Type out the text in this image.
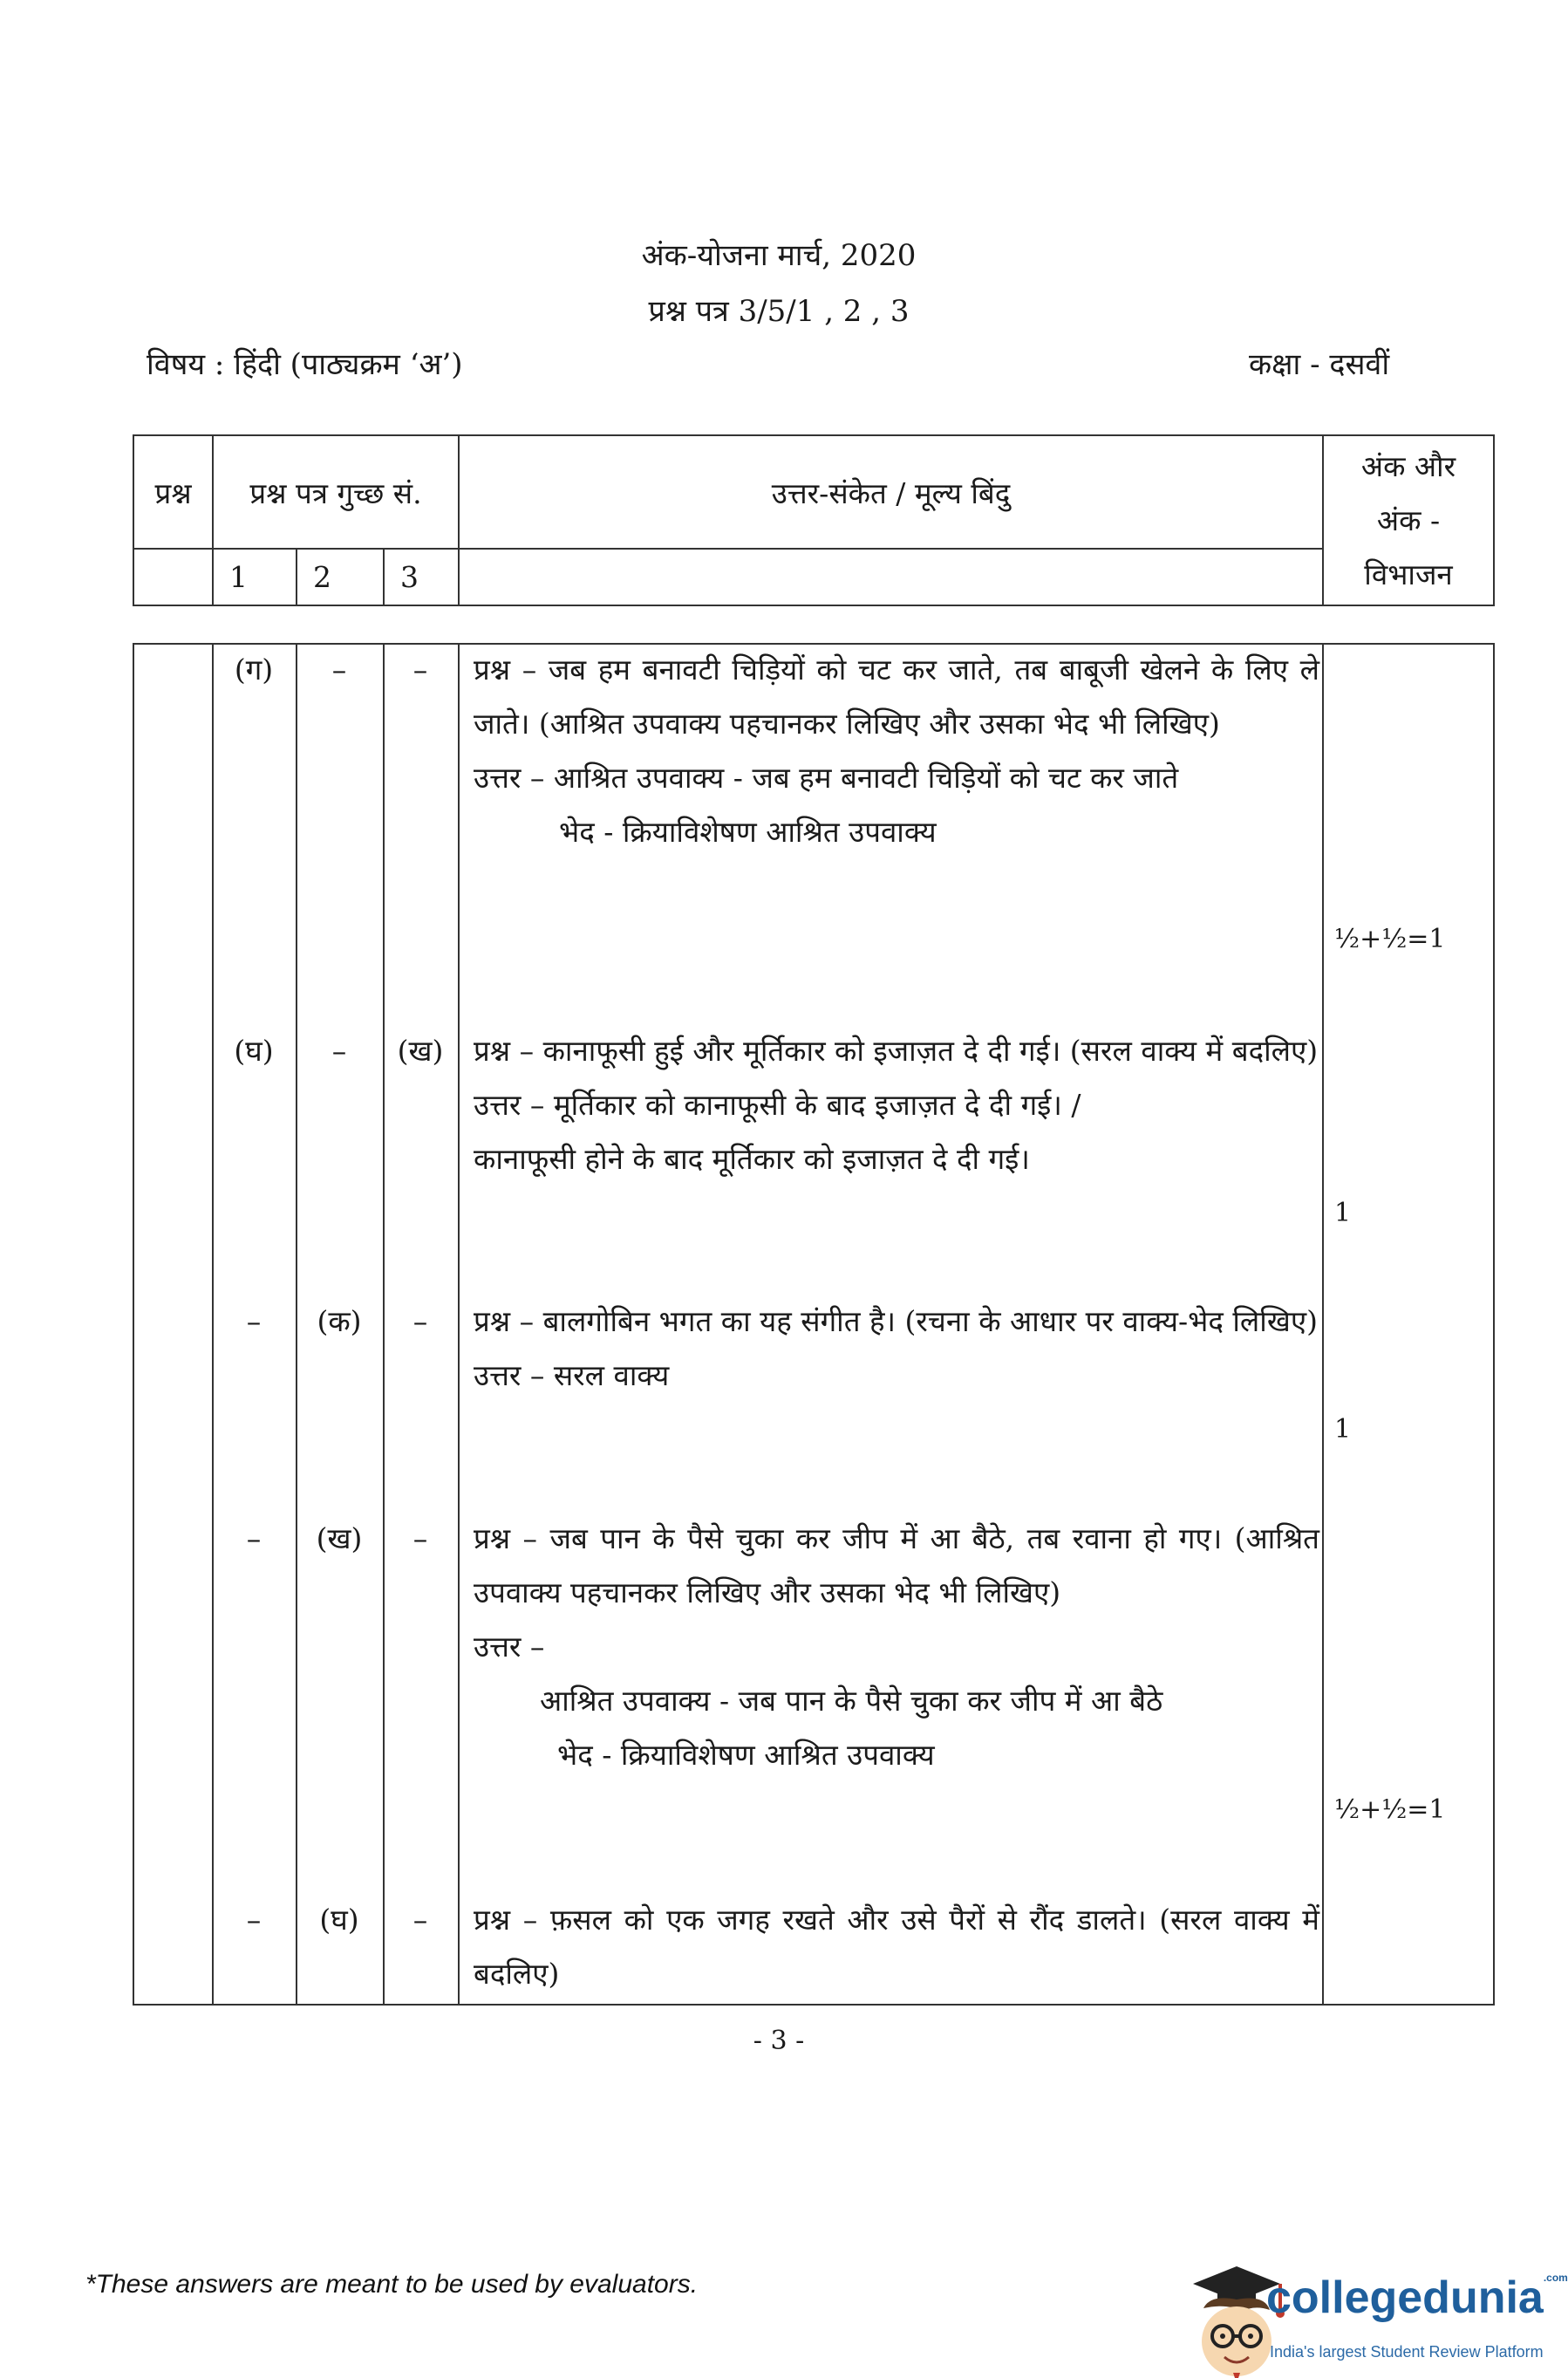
अंक-योजना मार्च, 2020
प्रश्न पत्र 3/5/1 , 2 , 3
विषय : हिंदी (पाठ्यक्रम ‘अ’)	कक्षा - दसवीं
प्रश्न	प्रश्न पत्र गुच्छ सं.			उत्तर-संकेत / मूल्य बिंदु	अंक और
अंक -
विभाजन

	1	2	3		

(ग)	–	–	प्रश्न – जब हम बनावटी चिड़ियों को चट कर जाते, तब बाबूजी खेलने के लिए ले जाते। (आश्रित उपवाक्य पहचानकर लिखिए और उसका भेद भी लिखिए)

उत्तर – आश्रित उपवाक्य - जब हम बनावटी चिड़ियों को चट कर जाते

भेद - क्रियाविशेषण आश्रित उपवाक्य

½+½=1
(घ)	–	(ख)	प्रश्न – कानाफूसी हुई और मूर्तिकार को इजाज़त दे दी गई। (सरल वाक्य में बदलिए)

उत्तर – मूर्तिकार को कानाफूसी के बाद इजाज़त दे दी गई। /

कानाफूसी होने के बाद मूर्तिकार को इजाज़त दे दी गई।

1
–	(क)	–	प्रश्न – बालगोबिन भगत का यह संगीत है। (रचना के आधार पर वाक्य-भेद लिखिए)

उत्तर – सरल वाक्य

1
–	(ख)	–	प्रश्न – जब पान के पैसे चुका कर जीप में आ बैठे, तब रवाना हो गए। (आश्रित उपवाक्य पहचानकर लिखिए और उसका भेद भी लिखिए)

उत्तर –

आश्रित उपवाक्य - जब पान के पैसे चुका कर जीप में आ बैठे

भेद - क्रियाविशेषण आश्रित उपवाक्य

½+½=1
–	(घ)	–	प्रश्न – फ़सल को एक जगह रखते और उसे पैरों से रौंद डालते। (सरल वाक्य में बदलिए)

- 3 -
*These answers are meant to be used by evaluators.	collegedunia$^{.com}$
India's largest Student Review Platform
